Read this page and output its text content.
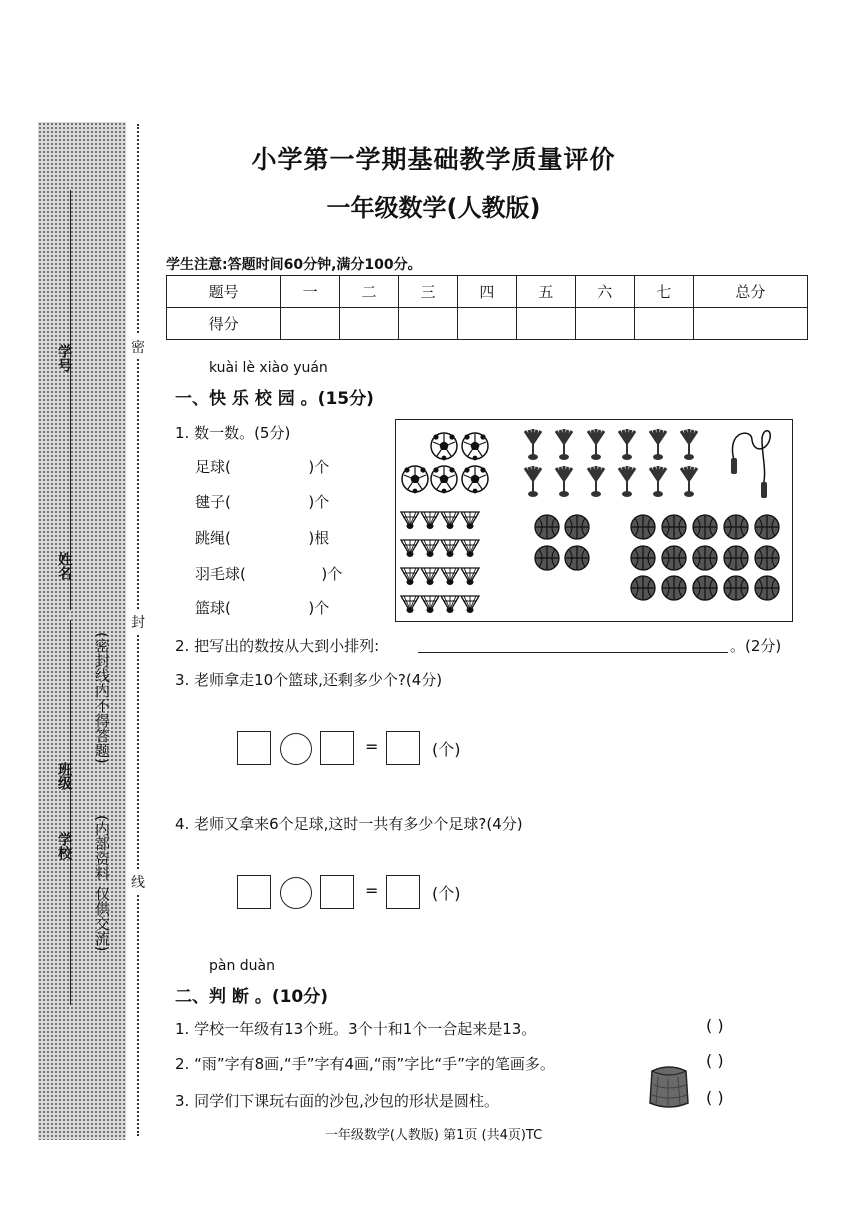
学号
姓名
班级
学校
(密封线内不得答题)
(内部资料 仅供交流)
密
封
线
小学第一学期基础教学质量评价
一年级数学(人教版)
学生注意:答题时间60分钟,满分100分。
题号	一	二	三	四	五	六	七	总分
得分								
kuài lè xiào yuán
一、快 乐 校 园 。(15分)
1. 数一数。(5分)
足球(	)个
毽子(	)个
跳绳(	)根
羽毛球(	)个
篮球(	)个
2. 把写出的数按从大到小排列:	。(2分)
3. 老师拿走10个篮球,还剩多少个?(4分)
=	(个)
4. 老师又拿来6个足球,这时一共有多少个足球?(4分)
=	(个)
pàn duàn
二、判 断 。(10分)
1. 学校一年级有13个班。3个十和1个一合起来是13。	( )
2. “雨”字有8画,“手”字有4画,“雨”字比“手”字的笔画多。	( )
3. 同学们下课玩右面的沙包,沙包的形状是圆柱。	( )
一年级数学(人教版) 第1页 (共4页)TC
